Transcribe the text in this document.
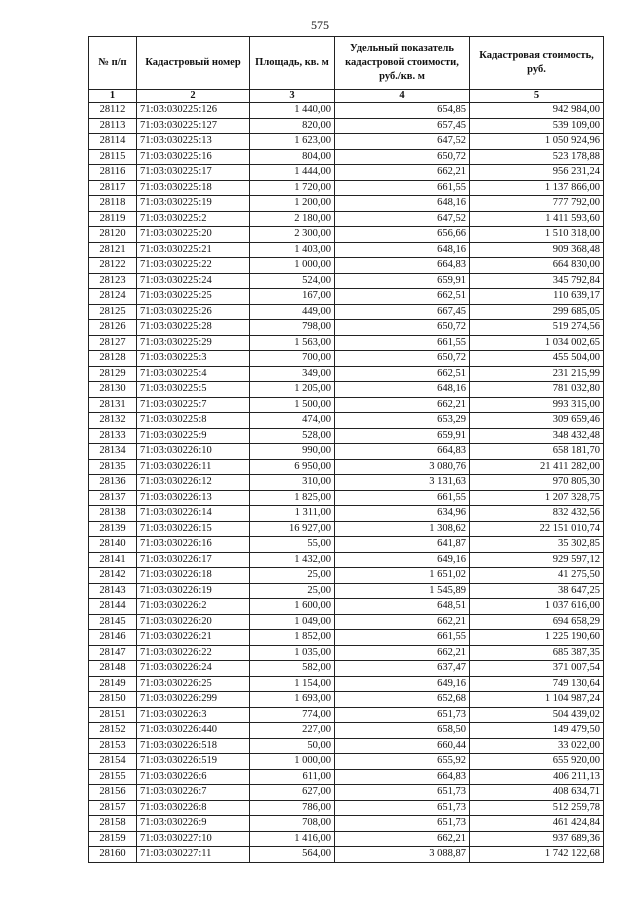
575
№ п/п	Кадастровый номер	Площадь, кв. м	Удельный показатель кадастровой стоимости, руб./кв. м	Кадастровая стоимость, руб.
1	2	3	4	5
28112	71:03:030225:126	1 440,00	654,85	942 984,00
28113	71:03:030225:127	820,00	657,45	539 109,00
28114	71:03:030225:13	1 623,00	647,52	1 050 924,96
28115	71:03:030225:16	804,00	650,72	523 178,88
28116	71:03:030225:17	1 444,00	662,21	956 231,24
28117	71:03:030225:18	1 720,00	661,55	1 137 866,00
28118	71:03:030225:19	1 200,00	648,16	777 792,00
28119	71:03:030225:2	2 180,00	647,52	1 411 593,60
28120	71:03:030225:20	2 300,00	656,66	1 510 318,00
28121	71:03:030225:21	1 403,00	648,16	909 368,48
28122	71:03:030225:22	1 000,00	664,83	664 830,00
28123	71:03:030225:24	524,00	659,91	345 792,84
28124	71:03:030225:25	167,00	662,51	110 639,17
28125	71:03:030225:26	449,00	667,45	299 685,05
28126	71:03:030225:28	798,00	650,72	519 274,56
28127	71:03:030225:29	1 563,00	661,55	1 034 002,65
28128	71:03:030225:3	700,00	650,72	455 504,00
28129	71:03:030225:4	349,00	662,51	231 215,99
28130	71:03:030225:5	1 205,00	648,16	781 032,80
28131	71:03:030225:7	1 500,00	662,21	993 315,00
28132	71:03:030225:8	474,00	653,29	309 659,46
28133	71:03:030225:9	528,00	659,91	348 432,48
28134	71:03:030226:10	990,00	664,83	658 181,70
28135	71:03:030226:11	6 950,00	3 080,76	21 411 282,00
28136	71:03:030226:12	310,00	3 131,63	970 805,30
28137	71:03:030226:13	1 825,00	661,55	1 207 328,75
28138	71:03:030226:14	1 311,00	634,96	832 432,56
28139	71:03:030226:15	16 927,00	1 308,62	22 151 010,74
28140	71:03:030226:16	55,00	641,87	35 302,85
28141	71:03:030226:17	1 432,00	649,16	929 597,12
28142	71:03:030226:18	25,00	1 651,02	41 275,50
28143	71:03:030226:19	25,00	1 545,89	38 647,25
28144	71:03:030226:2	1 600,00	648,51	1 037 616,00
28145	71:03:030226:20	1 049,00	662,21	694 658,29
28146	71:03:030226:21	1 852,00	661,55	1 225 190,60
28147	71:03:030226:22	1 035,00	662,21	685 387,35
28148	71:03:030226:24	582,00	637,47	371 007,54
28149	71:03:030226:25	1 154,00	649,16	749 130,64
28150	71:03:030226:299	1 693,00	652,68	1 104 987,24
28151	71:03:030226:3	774,00	651,73	504 439,02
28152	71:03:030226:440	227,00	658,50	149 479,50
28153	71:03:030226:518	50,00	660,44	33 022,00
28154	71:03:030226:519	1 000,00	655,92	655 920,00
28155	71:03:030226:6	611,00	664,83	406 211,13
28156	71:03:030226:7	627,00	651,73	408 634,71
28157	71:03:030226:8	786,00	651,73	512 259,78
28158	71:03:030226:9	708,00	651,73	461 424,84
28159	71:03:030227:10	1 416,00	662,21	937 689,36
28160	71:03:030227:11	564,00	3 088,87	1 742 122,68
